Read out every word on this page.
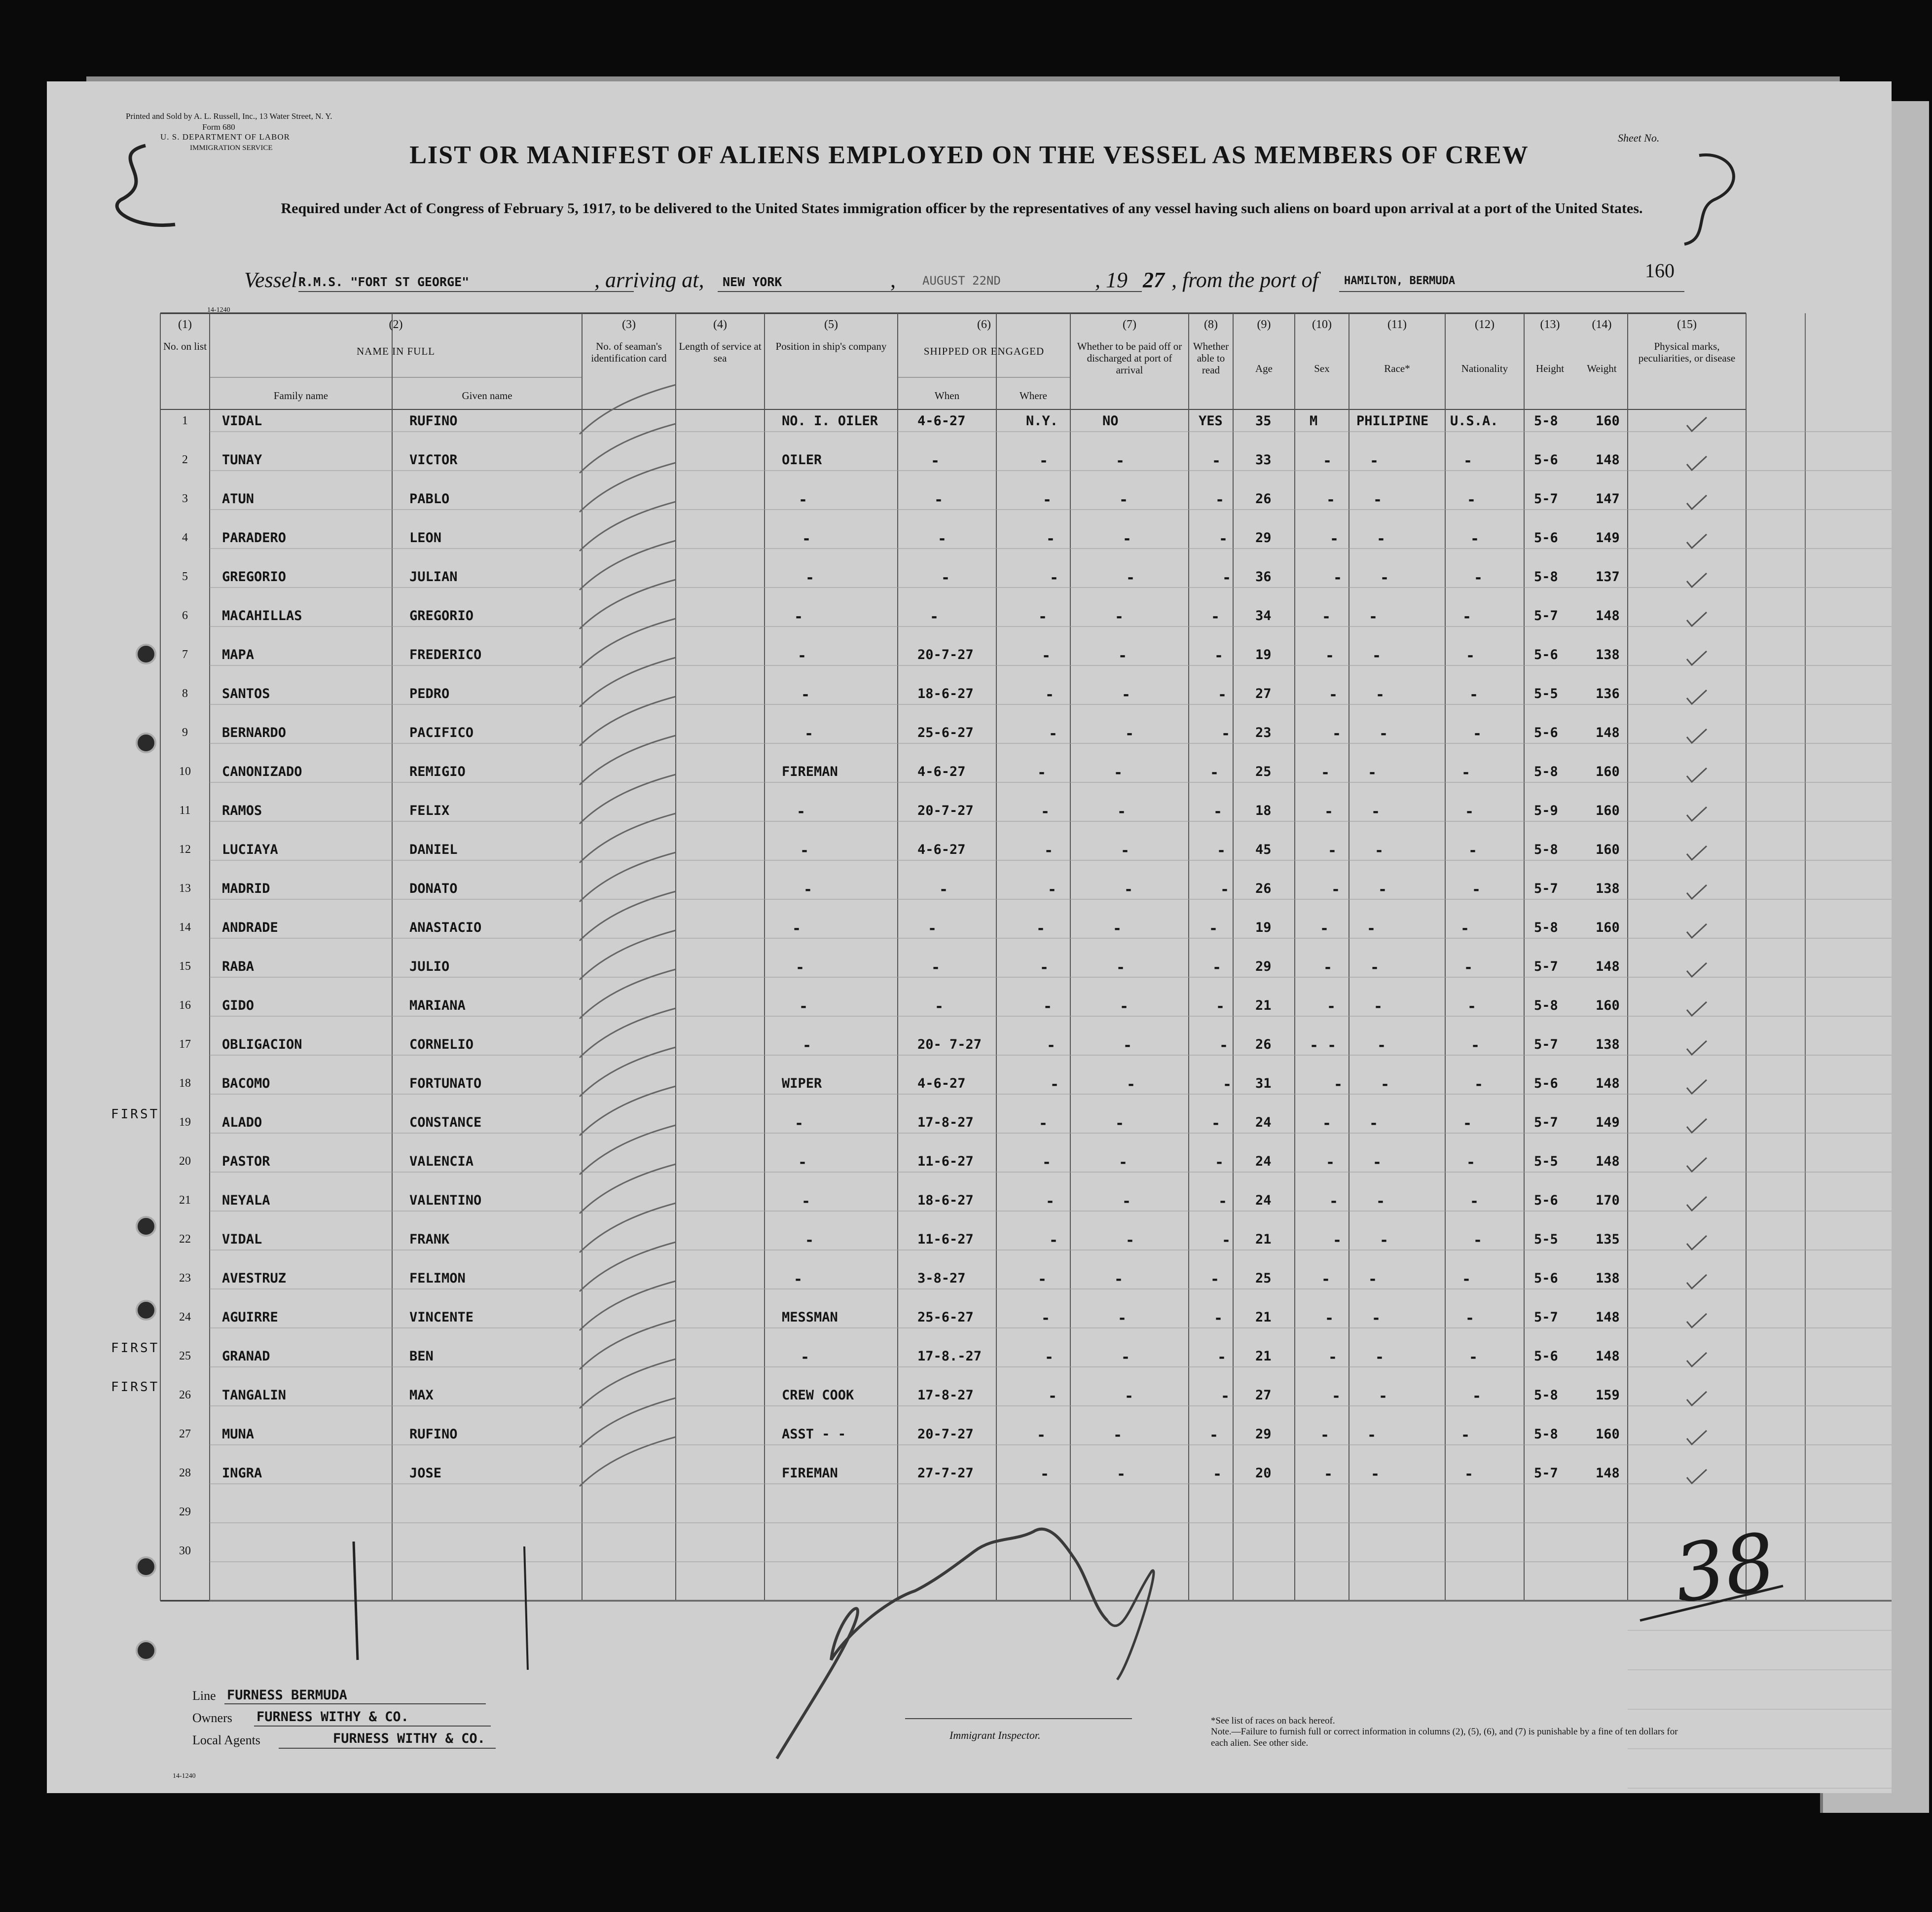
Printed and Sold by A. L. Russell, Inc., 13 Water Street, N. Y.
Form 680
U. S. DEPARTMENT OF LABOR
IMMIGRATION SERVICE
Sheet No.
LIST OR MANIFEST OF ALIENS EMPLOYED ON THE VESSEL AS MEMBERS OF CREW
Required under Act of Congress of February 5, 1917, to be delivered to the United States immigration officer by the representatives of any vessel having such aliens on board upon arrival at a port of the United States.
Vessel R.M.S. "FORT ST GEORGE"	, arriving at, NEW YORK	, AUGUST 22ND	, 19 27 , from the port of HAMILTON, BERMUDA	160
14-1240
(1)
No. on list
(2)
NAME IN FULL
(3)
No. of seaman's identification card
(4)
Length of service at sea
(5)
Position in ship's company
(6)
SHIPPED OR ENGAGED
(7)
Whether to be paid off or discharged at port of arrival
(8)
Whether able to read
(9)
Age
(10)
Sex
(11)
Race*
(12)
Nationality
(13)
Height
(14)
Weight
(15)
Physical marks, peculiarities, or disease
Family name	Given name	When	Where
1	VIDAL	RUFINO	NO. I. OILER	4-6-27	N.Y.	NO	YES 35	M	PHILIPINE U.S.A.	5-8	160
2	TUNAY	VICTOR	OILER	-	-	-	-	33	-	-	-	5-6	148
3	ATUN	PABLO	-	-	-	-	- 26	-	-	-	5-7	147
4	PARADERO	LEON	-	-	-	-	- 29	-	-	-	5-6	149
5	GREGORIO	JULIAN	-	-	-	-	- 36	-	-	-	5-8	137
6	MACAHILLAS	GREGORIO	-	-	-	-	-	34	-	-	-	5-7	148
7	MAPA	FREDERICO	-	20-7-27	-	-	- 19	-	-	-	5-6	138
8	SANTOS	PEDRO	-	18-6-27	-	-	- 27	-	-	-	5-5	136
9	BERNARDO	PACIFICO	-	25-6-27	-	-	- 23	-	-	-	5-6	148
10	CANONIZADO	REMIGIO	FIREMAN	4-6-27	-	-	-	25	-	-	-	5-8	160
11	RAMOS	FELIX	-	20-7-27	-	-	- 18	-	-	-	5-9	160
12	LUCIAYA	DANIEL	-	4-6-27	-	-	- 45	-	-	-	5-8	160
13	MADRID	DONATO	-	-	-	-	- 26	-	-	-	5-7	138
14	ANDRADE	ANASTACIO	-	-	-	-	-	19	-	-	-	5-8	160
15	RABA	JULIO	-	-	-	-	-	29	-	-	-	5-7	148
16	GIDO	MARIANA	-	-	-	-	- 21	-	-	-	5-8	160
17	OBLIGACION	CORNELIO	-	20- 7-27	-	-	- 26	- -	-	-	5-7	138
18	BACOMO	FORTUNATO	WIPER	4-6-27	-	-	- 31	-	-	-	5-6	148
19	ALADO	CONSTANCE	-	17-8-27	-	-	-	24	-	-	-	5-7	149
20	PASTOR	VALENCIA	-	11-6-27	-	-	- 24	-	-	-	5-5	148
21	NEYALA	VALENTINO	-	18-6-27	-	-	- 24	-	-	-	5-6	170
22	VIDAL	FRANK	-	11-6-27	-	-	- 21	-	-	-	5-5	135
23	AVESTRUZ	FELIMON	-	3-8-27	-	-	-	25	-	-	-	5-6	138
24	AGUIRRE	VINCENTE	MESSMAN	25-6-27	-	-	- 21	-	-	-	5-7	148
25	GRANAD	BEN	-	17-8.-27	-	-	- 21	-	-	-	5-6	148
26	TANGALIN	MAX	CREW COOK	17-8-27	-	-	- 27	-	-	-	5-8	159
27	MUNA	RUFINO	ASST - -	20-7-27	-	-	-	29	-	-	-	5-8	160
28	INGRA	JOSE	FIREMAN	27-7-27	-	-	-	20	-	-	-	5-7	148
29
30
FIRST
FIRST
FIRST
Line FURNESS BERMUDA
Owners FURNESS WITHY & CO.
Local Agents	FURNESS WITHY & CO.
14-1240
Immigrant Inspector.
*See list of races on back hereof.
Note.—Failure to furnish full or correct information in columns (2), (5), (6), and (7) is punishable by a fine of ten dollars for each alien. See other side.
38
